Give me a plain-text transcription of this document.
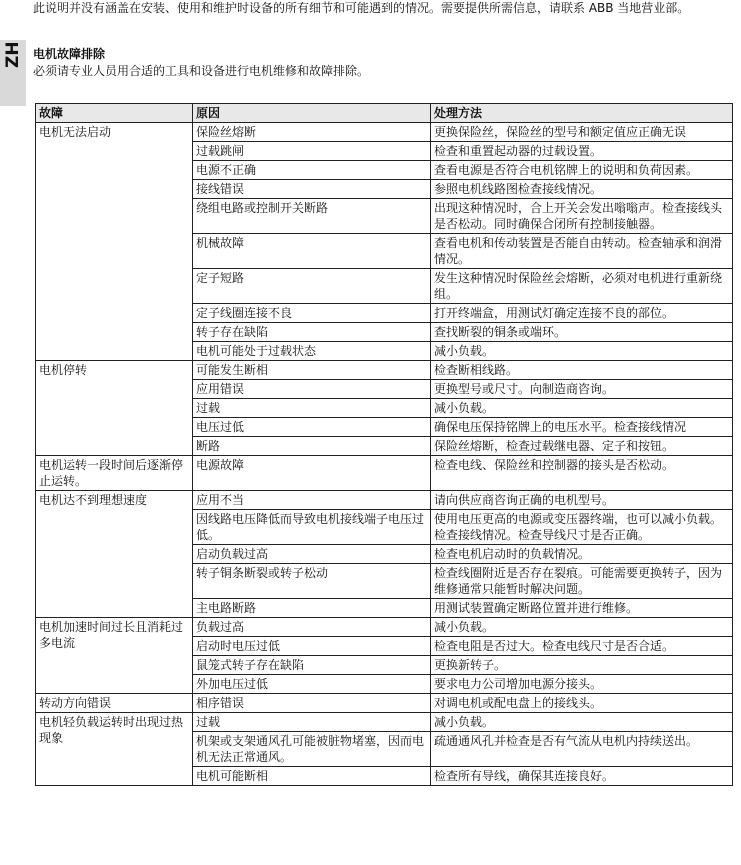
ZH
此说明并没有涵盖在安装、使用和维护时设备的所有细节和可能遇到的情况。需要提供所需信息，请联系 ABB 当地营业部。
电机故障排除
必须请专业人员用合适的工具和设备进行电机维修和故障排除。
故障	原因	处理方法
电机无法启动	保险丝熔断	更换保险丝，保险丝的型号和额定值应正确无误
	过载跳闸	检查和重置起动器的过载设置。
	电源不正确	查看电源是否符合电机铭牌上的说明和负荷因素。
	接线错误	参照电机线路图检查接线情况。
	绕组电路或控制开关断路	出现这种情况时，合上开关会发出嗡嗡声。检查接线头是否松动。同时确保合闭所有控制接触器。
	机械故障	查看电机和传动装置是否能自由转动。检查轴承和润滑情况。
	定子短路	发生这种情况时保险丝会熔断，必须对电机进行重新绕组。
	定子线圈连接不良	打开终端盒，用测试灯确定连接不良的部位。
	转子存在缺陷	查找断裂的铜条或端环。
	电机可能处于过载状态	减小负载。
电机停转	可能发生断相	检查断相线路。
	应用错误	更换型号或尺寸。向制造商咨询。
	过载	减小负载。
	电压过低	确保电压保持铭牌上的电压水平。检查接线情况
	断路	保险丝熔断，检查过载继电器、定子和按钮。
电机运转一段时间后逐渐停止运转。	电源故障	检查电线、保险丝和控制器的接头是否松动。
电机达不到理想速度	应用不当	请向供应商咨询正确的电机型号。
	因线路电压降低而导致电机接线端子电压过低。	使用电压更高的电源或变压器终端，也可以减小负载。检查接线情况。检查导线尺寸是否正确。
	启动负载过高	检查电机启动时的负载情况。
	转子铜条断裂或转子松动	检查线圈附近是否存在裂痕。可能需要更换转子，因为维修通常只能暂时解决问题。
	主电路断路	用测试装置确定断路位置并进行维修。
电机加速时间过长且消耗过多电流	负载过高	减小负载。
	启动时电压过低	检查电阻是否过大。检查电线尺寸是否合适。
	鼠笼式转子存在缺陷	更换新转子。
	外加电压过低	要求电力公司增加电源分接头。
转动方向错误	相序错误	对调电机或配电盘上的接线头。
电机轻负载运转时出现过热现象	过载	减小负载。
	机架或支架通风孔可能被脏物堵塞，因而电机无法正常通风。	疏通通风孔并检查是否有气流从电机内持续送出。
	电机可能断相	检查所有导线，确保其连接良好。
